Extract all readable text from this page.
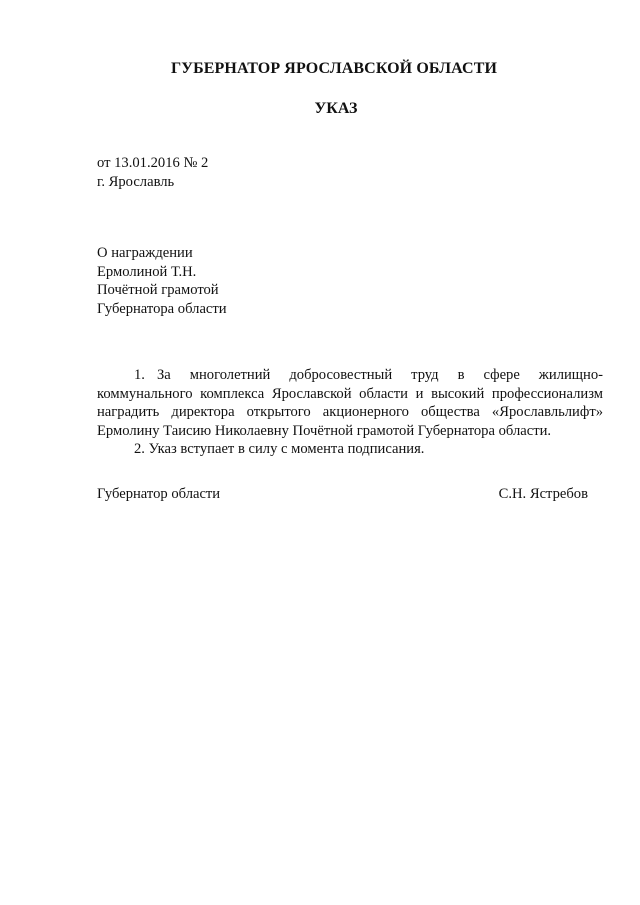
ГУБЕРНАТОР ЯРОСЛАВСКОЙ ОБЛАСТИ
УКАЗ
от 13.01.2016 № 2
г. Ярославль
О награждении
Ермолиной Т.Н.
Почётной грамотой
Губернатора области

1. За многолетний добросовестный труд в сфере жилищно-коммунального комплекса Ярославской области и высокий профессионализм наградить директора открытого акционерного общества «Ярославльлифт» Ермолину Таисию Николаевну Почётной грамотой Губернатора области.

2. Указ вступает в силу с момента подписания.

Губернатор области	С.Н. Ястребов
